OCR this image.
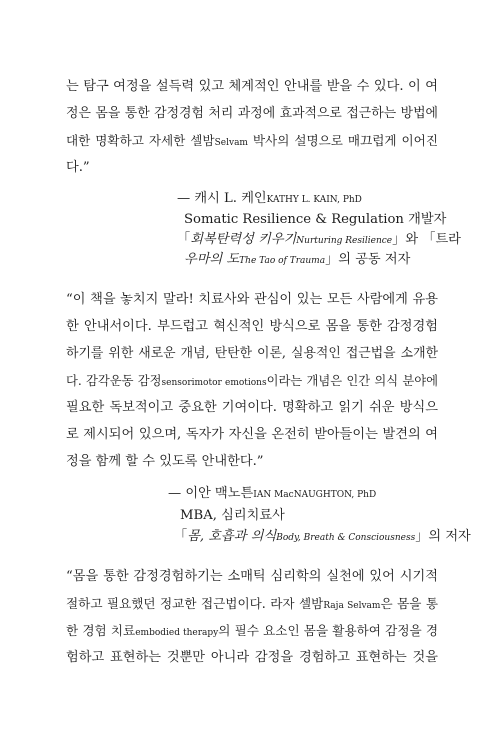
는 탐구 여정을 설득력 있고 체계적인 안내를 받을 수 있다. 이 여
정은 몸을 통한 감정경험 처리 과정에 효과적으로 접근하는 방법에
대한 명확하고 자세한 셀밤Selvam 박사의 설명으로 매끄럽게 이어진
다.”
— 캐시 L. 케인KATHY L. KAIN, PhD
Somatic Resilience & Regulation 개발자
「회복탄력성 키우기Nurturing Resilience」와 「트라
우마의 도The Tao of Trauma」의 공동 저자
“이 책을 놓치지 말라! 치료사와 관심이 있는 모든 사람에게 유용
한 안내서이다. 부드럽고 혁신적인 방식으로 몸을 통한 감정경험
하기를 위한 새로운 개념, 탄탄한 이론, 실용적인 접근법을 소개한
다. 감각운동 감정sensorimotor emotions이라는 개념은 인간 의식 분야에
필요한 독보적이고 중요한 기여이다. 명확하고 읽기 쉬운 방식으
로 제시되어 있으며, 독자가 자신을 온전히 받아들이는 발견의 여
정을 함께 할 수 있도록 안내한다.”
— 이안 맥노튼IAN MacNAUGHTON, PhD
MBA, 심리치료사
「몸, 호흡과 의식Body, Breath & Consciousness」의 저자
“몸을 통한 감정경험하기는 소매틱 심리학의 실천에 있어 시기적
절하고 필요했던 정교한 접근법이다. 라자 셀밤Raja Selvam은 몸을 통
한 경험 치료embodied therapy의 필수 요소인 몸을 활용하여 감정을 경
험하고 표현하는 것뿐만 아니라 감정을 경험하고 표현하는 것을
